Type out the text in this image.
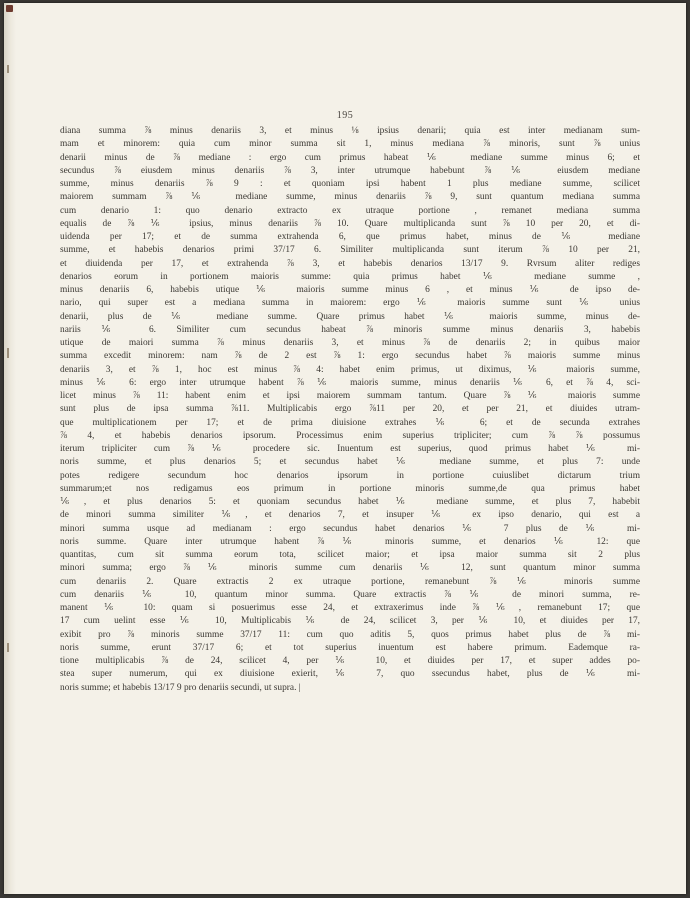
195
diana summa ⅞ minus denariis 3, et minus ⅛ ipsius denarii; quia est inter medianam sum-
mam et minorem: quia cum minor summa sit 1, minus mediana ⅞ minoris, sunt ⅞ unius
denarii minus de ⅞ mediane : ergo cum primus habeat ⅙ mediane summe minus 6; et
secundus ⅞ eiusdem minus denariis ⅞ 3, inter utrumque habebunt ⅞ ⅙ eiusdem mediane
summe, minus denariis ⅞ 9 : et quoniam ipsi habent 1 plus mediane summe, scilicet
maiorem summam ⅞ ⅙ mediane summe, minus denariis ⅞ 9, sunt quantum mediana summa
cum denario 1: quo denario extracto ex utraque portione , remanet mediana summa
equalis de ⅞ ⅙ ipsius, minus denariis ⅞ 10. Quare multiplicanda sunt ⅞ 10 per 20, et di-
uidenda per 17; et de summa extrahenda 6, que primus habet, minus de ⅙ mediane
summe, et habebis denarios primi 37/17 6. Similiter multiplicanda sunt iterum ⅞ 10 per 21,
et diuidenda per 17, et extrahenda ⅞ 3, et habebis denarios 13/17 9. Rvrsum aliter rediges
denarios eorum in portionem maioris summe: quia primus habet ⅙ mediane summe ,
minus denariis 6, habebis utique ⅙ maioris summe minus 6 , et minus ⅙ de ipso de-
nario, qui super est a mediana summa in maiorem: ergo ⅙ maioris summe sunt ⅙ unius
denarii, plus de ⅙ mediane summe. Quare primus habet ⅙ maioris summe, minus de-
nariis ⅙ 6. Similiter cum secundus habeat ⅞ minoris summe minus denariis 3, habebis
utique de maiori summa ⅞ minus denariis 3, et minus ⅞ de denariis 2; in quibus maior
summa excedit minorem: nam ⅞ de 2 est ⅞ 1: ergo secundus habet ⅞ maioris summe minus
denariis 3, et ⅞ 1, hoc est minus ⅞ 4: habet enim primus, ut diximus, ⅙ maioris summe,
minus ⅙ 6: ergo inter utrumque habent ⅞ ⅙ maioris summe, minus denariis ⅙ 6, et ⅞ 4, sci-
licet minus ⅞ 11: habent enim et ipsi maiorem summam tantum. Quare ⅞ ⅙ maioris summe
sunt plus de ipsa summa ⅞11. Multiplicabis ergo ⅞11 per 20, et per 21, et diuides utram-
que multiplicationem per 17; et de prima diuisione extrahes ⅙ 6; et de secunda extrahes
⅞ 4, et habebis denarios ipsorum. Processimus enim superius tripliciter; cum ⅞ ⅞ possumus
iterum tripliciter cum ⅞ ⅙ procedere sic. Inuentum est superius, quod primus habet ⅙ mi-
noris summe, et plus denarios 5; et secundus habet ⅙ mediane summe, et plus 7: unde
potes redigere secundum hoc denarios ipsorum in portione cuiuslibet dictarum trium
summarum;et nos redigamus eos primum in portione minoris summe,de qua primus habet
⅙, et plus denarios 5: et quoniam secundus habet ⅙ mediane summe, et plus 7, habebit
de minori summa similiter ⅙, et denarios 7, et insuper ⅙ ex ipso denario, qui est a
minori summa usque ad medianam : ergo secundus habet denarios ⅙ 7 plus de ⅙ mi-
noris summe. Quare inter utrumque habent ⅞ ⅙ minoris summe, et denarios ⅙ 12: que
quantitas, cum sit summa eorum tota, scilicet maior; et ipsa maior summa sit 2 plus
minori summa; ergo ⅞ ⅙ minoris summe cum denariis ⅙ 12, sunt quantum minor summa
cum denariis 2. Quare extractis 2 ex utraque portione, remanebunt ⅞ ⅙ minoris summe
cum denariis ⅙ 10, quantum minor summa. Quare extractis ⅞ ⅙ de minori summa, re-
manent ⅙ 10: quam si posuerimus esse 24, et extraxerimus inde ⅞ ⅙, remanebunt 17; que
17 cum uelint esse ⅙ 10, Multiplicabis ⅙ de 24, scilicet 3, per ⅙ 10, et diuides per 17,
exibit pro ⅞ minoris summe 37/17 11: cum quo aditis 5, quos primus habet plus de ⅞ mi-
noris summe, erunt 37/17 6; et tot superius inuentum est habere primum. Eademque ra-
tione multiplicabis ⅞ de 24, scilicet 4, per ⅙ 10, et diuides per 17, et super addes po-
stea super numerum, qui ex diuisione exierit, ⅙ 7, quo ssecundus habet, plus de ⅙ mi-
noris summe; et habebis 13/17 9 pro denariis secundi, ut supra. |
